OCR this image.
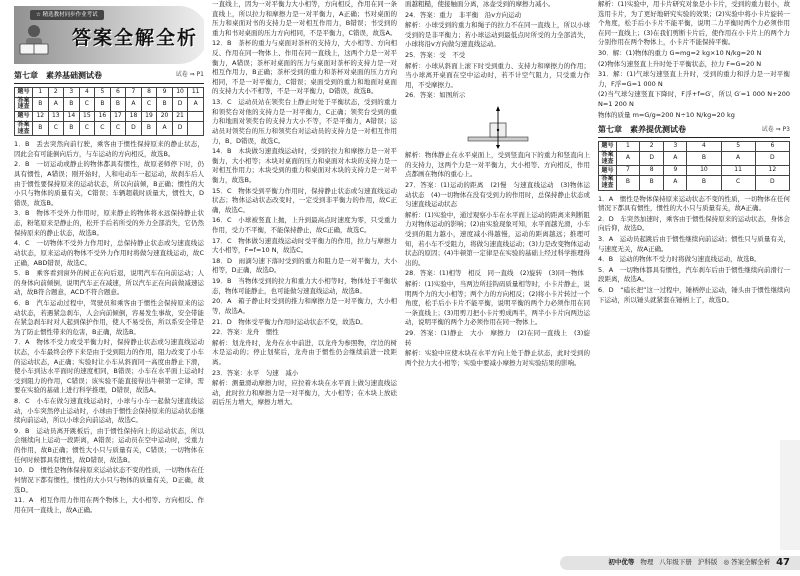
☆ 精选教材同步作业考试
答案全解全析
第七章　素养基础测试卷	试卷 ⇒ P1
题号	1	2	3	4	5	6	7	8	9	10	11
答案速查	B	A	B	C	B	B	A	C	B	D	A
题号	12	13	14	15	16	17	18	19	20	21	
答案速查	B	C	B	C	C	C	D	B	A	D	
1．B　丢去突然向前行驶，乘客由于惯性保持原来的静止状态，因此会有可能倒向后方，与车运动的方向相反，故选B。
2．B　一切运动或静止的物体都具有惯性，故原老师停下时，仍具有惯性，A错误；刚开始时，人和电动车一起运动，故刹车后人由于惯性要保持原来的运动状态，所以向前倾，B正确；惯性的大小只与物体的质量有关，C错误；车辆超载时质量大，惯性大，D错误，故选B。
3．B　物体不受外力作用时，原来静止的物体将永远保持静止状态，粉笔原来是静止的，松开手后若所受的外力全部消失，它仍然保持原来的静止状态，故选B。
4．C　一切物体不受外力作用时，总保持静止状态或匀速直线运动状态，原来运动的物体不受外力作用时将做匀速直线运动，故C正确，ABD错误，故选C。
5．B　乘客看到窗外的树正在向后退，说明汽车在向前运动；人的身体向前倾倒，说明汽车正在减速，所以汽车正在向前做减速运动，故B符合题意，ACD不符合题意。
6．B　汽车运动过程中，驾驶员和乘客由于惯性会保持原来的运动状态，若遇紧急刹车，人会向前倾倒，容易发生事故，安全带能在紧急刹车时对人起到保护作用，使人不易受伤，所以系安全带是为了防止惯性带来的危害，B正确，故选B。
7．A　物体不受力或受平衡力时，保持静止状态或匀速直线运动状态，小车最终会停下来是由于受到阻力的作用，阻力改变了小车的运动状态，A正确；实验时让小车从斜面同一高度由静止下滑，使小车到达水平面时的速度相同，B错误；小车在水平面上运动时受到阻力的作用，C错误；该实验不能直接得出牛顿第一定律，需要在实验的基础上进行科学推理，D错误，故选A。
8．C　小车在做匀速直线运动时，小球与小车一起做匀速直线运动，小车突然停止运动时，小球由于惯性会保持原来的运动状态继续向前运动，所以小球会向前运动，故选C。
9．B　运动员离开跳板后，由于惯性保持向上的运动状态，所以会继续向上运动一段距离，A错误；运动员在空中运动时，受重力的作用，故B正确；惯性大小只与质量有关，C错误；一切物体在任何时候都具有惯性，故D错误，故选B。
10．D　惯性是物体保持原来运动状态不变的性质，一切物体在任何情况下都有惯性，惯性的大小只与物体的质量有关，D正确，故选D。
11．A　相互作用力作用在两个物体上，大小相等、方向相反、作用在同一直线上，故A正确。
一直线上，因为一对平衡力大小相等，方向相反，作用在同一条直线上，所以拉力和摩擦力是一对平衡力，A正确；书对桌面的压力和桌面对书的支持力是一对相互作用力，B错误；书受到的重力和书对桌面的压力方向相同，不是平衡力，C错误，故选A。
12．B　茶杯的重力与桌面对茶杯的支持力，大小相等、方向相反、作用在同一物体上、作用在同一直线上，这两个力是一对平衡力，A错误；茶杯对桌面的压力与桌面对茶杯的支持力是一对相互作用力，B正确；茶杯受到的重力和茶杯对桌面的压力方向相同，不是一对平衡力，C错误；桌面受到的重力和地面对桌面的支持力大小不相等，不是一对平衡力，D错误，故选B。
13．C　运动员站在领奖台上静止时处于平衡状态，受到的重力和领奖台对他的支持力是一对平衡力，C正确；领奖台受到的重力和地面对领奖台的支持力大小不等，不是平衡力，A错误；运动员对领奖台的压力和领奖台对运动员的支持力是一对相互作用力，B、D错误，故选C。
14．B　木块做匀速直线运动时，受到的拉力和摩擦力是一对平衡力，大小相等；木块对桌面的压力和桌面对木块的支持力是一对相互作用力；木块受到的重力和桌面对木块的支持力是一对平衡力，故选B。
15．C　物体受到平衡力作用时，保持静止状态或匀速直线运动状态；物体运动状态改变时，一定受到非平衡力的作用，故C正确，故选C。
16．C　小球被竖直上抛，上升到最高点时速度为零，只受重力作用，受力不平衡，不能保持静止，故C正确，故选C。
17．C　物体做匀速直线运动时受平衡力的作用，拉力与摩擦力大小相等，F=f=10 N，故选C。
18．D　雨滴匀速下落时受到的重力和阻力是一对平衡力，大小相等，D正确，故选D。
19．B　当物体受到的拉力和重力大小相等时，物体处于平衡状态，物体可能静止，也可能做匀速直线运动，故选B。
20．A　箱子静止时受到的推力和摩擦力是一对平衡力，大小相等，故选A。
21．D　物体受平衡力作用时运动状态不变，故选D。
22．答案：龙舟　惯性
解析：划龙舟时，龙舟在水中前进，以龙舟为参照物，岸边的树木是运动的；停止划桨后，龙舟由于惯性仍会继续前进一段距离。
23．答案：水平　匀速　减小
解析：测量滑动摩擦力时，应拉着木块在水平面上做匀速直线运动，此时拉力和摩擦力是一对平衡力，大小相等；在木块上放砝码后压力增大，摩擦力增大。
面越粗糙，使接触面分离，冰壶受到的摩擦力减小。
24．答案：重力　非平衡　沿v方向运动
解析：小球受到的重力和绳子的拉力不在同一直线上，所以小球受到的是非平衡力；若小球运动到最低点时所受的力全部消失，小球将沿v方向做匀速直线运动。
25．答案：受　不受
解析：小球从斜面上滚下时受到重力、支持力和摩擦力的作用；当小球离开桌面在空中运动时，若不计空气阻力，只受重力作用，不受摩擦力。
26．答案：如图所示
解析：物体静止在水平桌面上，受到竖直向下的重力和竖直向上的支持力，这两个力是一对平衡力，大小相等、方向相反，作用点都画在物体的重心上。
27．答案：(1)运动的距离　(2)慢　匀速直线运动　(3)物体运动状态　(4)一切物体在没有受到力的作用时，总保持静止状态或匀速直线运动状态
解析：(1)实验中，通过观察小车在水平面上运动的距离来判断阻力对物体运动的影响；(2)由实验现象可知，水平面越光滑，小车受到的阻力越小，速度减小得越慢，运动的距离越远；推理可知，若小车不受阻力，将做匀速直线运动；(3)力是改变物体运动状态的原因；(4)牛顿第一定律是在实验的基础上经过科学推理得出的。
28．答案：(1)相等　相反　同一直线　(2)旋转　(3)同一物体
解析：(1)实验中，当两边所挂钩码质量相等时，小卡片静止，说明两个力的大小相等；两个力的方向相反；(2)将小卡片转过一个角度，松手后小卡片不能平衡，说明平衡的两个力必须作用在同一条直线上；(3)用剪刀把小卡片剪成两半，两半小卡片向两边运动，说明平衡的两个力必须作用在同一物体上。
29．答案：(1)静止　大小　摩擦力　(2)在同一直线上　(3)旋转
解析：实验中应使木块在水平方向上处于静止状态，此时受到的两个拉力大小相等；实验中要减小摩擦力对实验结果的影响。
解析：(1)实验中，用卡片研究对象是小卡片，受到的重力很小，故选用卡片，为了更好地研究实验的效果；(2)实验中将小卡片旋转一个角度，松手后小卡片不能平衡，说明二力平衡时两个力必须作用在同一直线上；(3)在我们剪断卡片后，使作用在小卡片上的两个力分别作用在两个物体上，小卡片不能保持平衡。
30．解：(1)物体的重力 G=mg=2 kg×10 N/kg=20 N
(2)物体匀速竖直上升时处于平衡状态，拉力 F=G=20 N
31．解：(1)气球匀速竖直上升时，受到的重力和浮力是一对平衡力，F浮=G=1 000 N
(2)当气球匀速竖直下降时，F浮+f=G′，所以 G′=1 000 N+200 N=1 200 N
物体的质量 m=G/g=200 N÷10 N/kg=20 kg
第七章　素养提优测试卷	试卷 ⇒ P3
题号	1	2	3	4	5	6
答案速查	A	D	A	B	A	D
题号	7	8	9	10	11	12
答案速查	B	B	A	B	C	D
1．A　惯性是物体保持原来运动状态不变的性质，一切物体在任何情况下都具有惯性，惯性的大小只与质量有关，故A正确。
2．D　车突然加速时，乘客由于惯性保持原来的运动状态，身体会向后仰，故选D。
3．A　运动员起跳后由于惯性继续向前运动；惯性只与质量有关，与速度无关，故A正确。
4．B　运动的物体不受力时将做匀速直线运动，故选B。
5．A　一切物体都具有惯性，汽车刹车后由于惯性继续向前滑行一段距离，故选A。
6．D　“磕长把”这一过程中，锤柄停止运动，锤头由于惯性继续向下运动，所以锤头就紧套在锤柄上了，故选D。
初中优等 物理 八年级下册 沪科版 ◎ 答案全解全析 47
